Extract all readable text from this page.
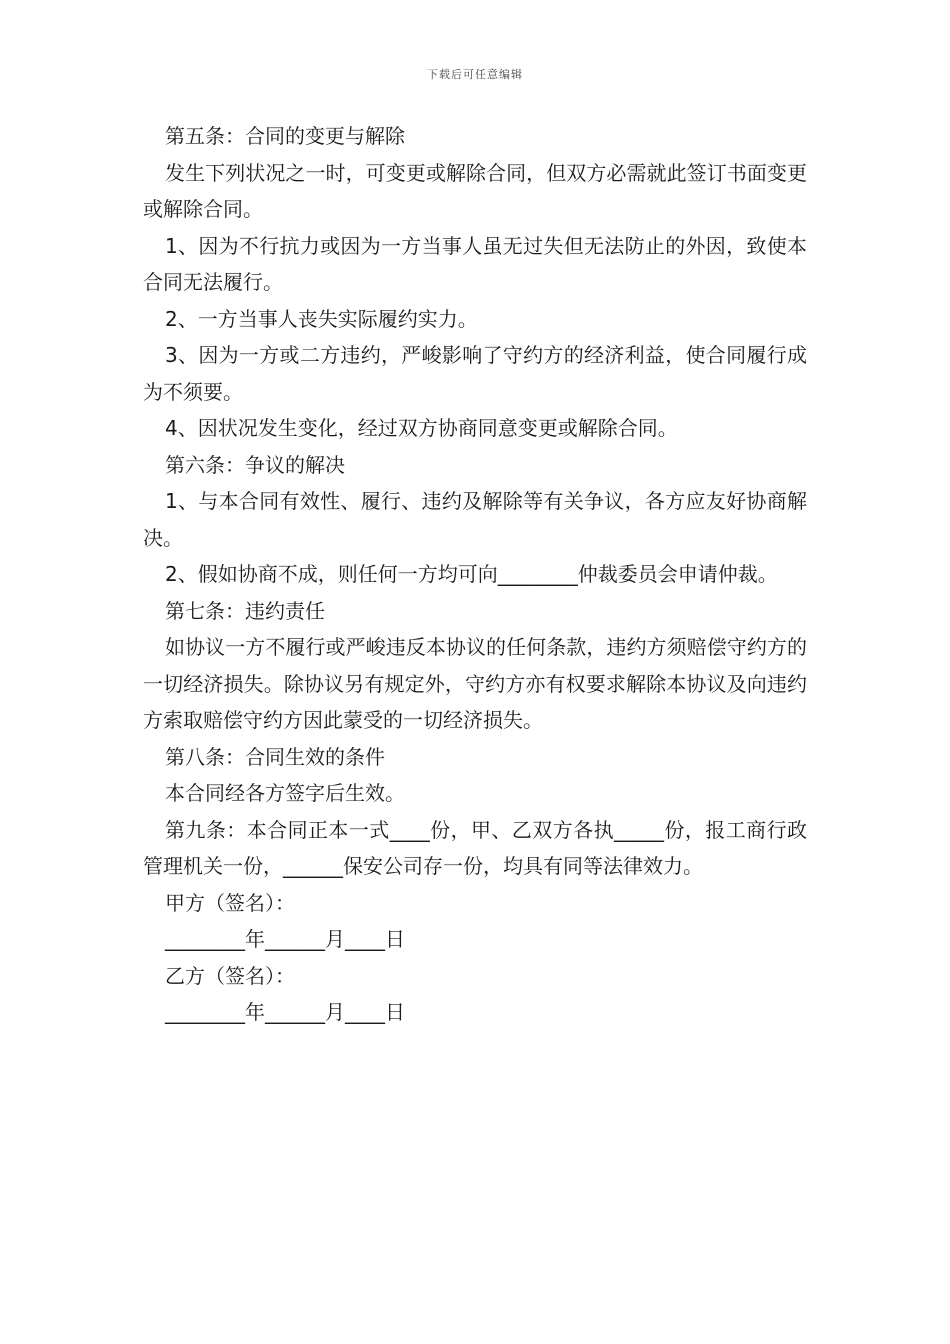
下载后可任意编辑

第五条：合同的变更与解除

发生下列状况之一时，可变更或解除合同，但双方必需就此签订书面变更或解除合同。

1、因为不行抗力或因为一方当事人虽无过失但无法防止的外因，致使本合同无法履行。

2、一方当事人丧失实际履约实力。

3、因为一方或二方违约，严峻影响了守约方的经济利益，使合同履行成为不须要。

4、因状况发生变化，经过双方协商同意变更或解除合同。

第六条：争议的解决

1、与本合同有效性、履行、违约及解除等有关争议，各方应友好协商解决。

2、假如协商不成，则任何一方均可向________仲裁委员会申请仲裁。

第七条：违约责任

如协议一方不履行或严峻违反本协议的任何条款，违约方须赔偿守约方的一切经济损失。除协议另有规定外，守约方亦有权要求解除本协议及向违约方索取赔偿守约方因此蒙受的一切经济损失。

第八条：合同生效的条件

本合同经各方签字后生效。

第九条：本合同正本一式____份，甲、乙双方各执_____份，报工商行政管理机关一份，______保安公司存一份，均具有同等法律效力。

甲方（签名）：

________年______月____日

乙方（签名）：

________年______月____日
